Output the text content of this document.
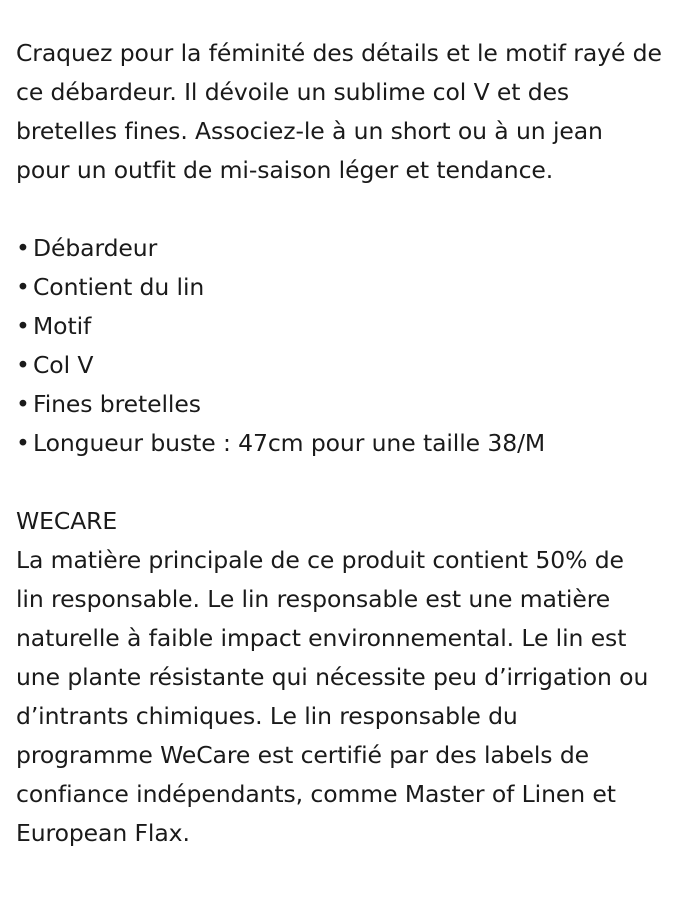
Craquez pour la féminité des détails et le motif rayé de
ce débardeur. Il dévoile un sublime col V et des
bretelles fines. Associez-le à un short ou à un jean
pour un outfit de mi-saison léger et tendance.

• Débardeur
• Contient du lin
• Motif
• Col V
• Fines bretelles
• Longueur buste : 47cm pour une taille 38/M

WECARE

La matière principale de ce produit contient 50% de
lin responsable. Le lin responsable est une matière
naturelle à faible impact environnemental. Le lin est
une plante résistante qui nécessite peu d’irrigation ou
d’intrants chimiques. Le lin responsable du
programme WeCare est certifié par des labels de
confiance indépendants, comme Master of Linen et
European Flax.
